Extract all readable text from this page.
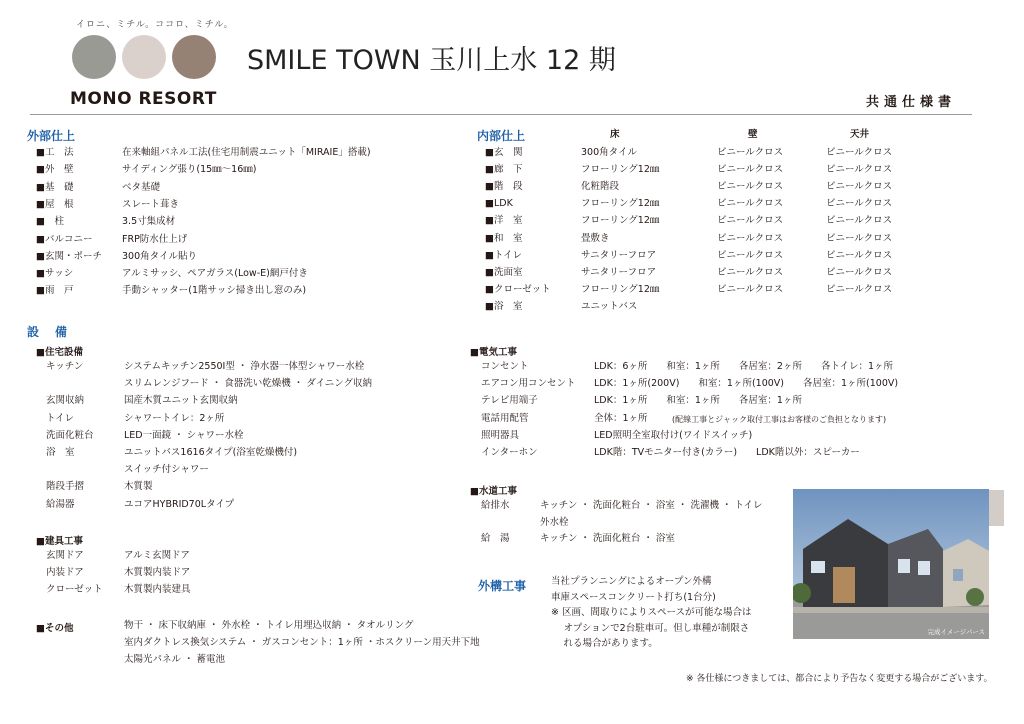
イロニ、ミチル。ココロ、ミチル。
MONO RESORT
SMILE TOWN 玉川上水 12 期
共通仕様書
外部仕上
■工　法	在来軸組パネル工法(住宅用制震ユニット「MIRAIE」搭載)
■外　壁	サイディング張り(15㎜〜16㎜)
■基　礎	ベタ基礎
■屋　根	スレート葺き
■　柱	3.5寸集成材
■バルコニー	FRP防水仕上げ
■玄関・ポーチ 300角タイル貼り
■サッシ	アルミサッシ、ペアガラス(Low-E)網戸付き
■雨　戸	手動シャッター(1階サッシ掃き出し窓のみ)
内部仕上	床	壁	天井
■玄　関	300角タイル	ビニールクロス	ビニールクロス
■廊　下	フローリング12㎜	ビニールクロス	ビニールクロス
■階　段	化粧階段	ビニールクロス	ビニールクロス
■LDK	フローリング12㎜	ビニールクロス	ビニールクロス
■洋　室	フローリング12㎜	ビニールクロス	ビニールクロス
■和　室	畳敷き	ビニールクロス	ビニールクロス
■トイレ	サニタリーフロア	ビニールクロス	ビニールクロス
■洗面室	サニタリーフロア	ビニールクロス	ビニールクロス
■クローゼット	フローリング12㎜	ビニールクロス	ビニールクロス
■浴　室	ユニットバス
設　備
■住宅設備
キッチン	システムキッチン2550Ⅰ型 ・ 浄水器一体型シャワー水栓
スリムレンジフード ・ 食器洗い乾燥機 ・ ダイニング収納
玄関収納	国産木質ユニット玄関収納
トイレ	シャワートイレ：2ヶ所
洗面化粧台	LED一面鏡 ・ シャワー水栓
浴　室	ユニットバス1616タイプ(浴室乾燥機付)
スイッチ付シャワー
階段手摺	木質製
給湯器	ユコアHYBRID70Lタイプ
■建具工事
玄関ドア	アルミ玄関ドア
内装ドア	木質製内装ドア
クローゼット 木質製内装建具
■その他	物干 ・ 床下収納庫 ・ 外水栓 ・ トイレ用埋込収納 ・ タオルリング
室内ダクトレス換気システム ・ ガスコンセント：1ヶ所 ・ホスクリーン用天井下地
太陽光パネル ・ 蓄電池
■電気工事
コンセント	LDK：6ヶ所　　和室：1ヶ所　　各居室：2ヶ所　　各トイレ：1ヶ所
エアコン用コンセント LDK：1ヶ所(200V)　　和室：1ヶ所(100V)　　各居室：1ヶ所(100V)
テレビ用端子	LDK：1ヶ所　　和室：1ヶ所　　各居室：1ヶ所
電話用配管	全体：1ヶ所	(配線工事とジャック取付工事はお客様のご負担となります)
照明器具	LED照明全室取付け(ワイドスイッチ)
インターホン	LDK階：TVモニター付き(カラー)　　LDK階以外：スピーカー
■水道工事
給排水	キッチン ・ 洗面化粧台 ・ 浴室 ・ 洗濯機 ・ トイレ
外水栓
給　湯	キッチン ・ 洗面化粧台 ・ 浴室
外構工事	当社プランニングによるオープン外構
車庫スペースコンクリート打ち(1台分)
※ 区画、間取りによりスペースが可能な場合は
　 オプションで2台駐車可。但し車種が制限さ
　 れる場合があります。
完成イメージパース
※ 各仕様につきましては、都合により予告なく変更する場合がございます。
